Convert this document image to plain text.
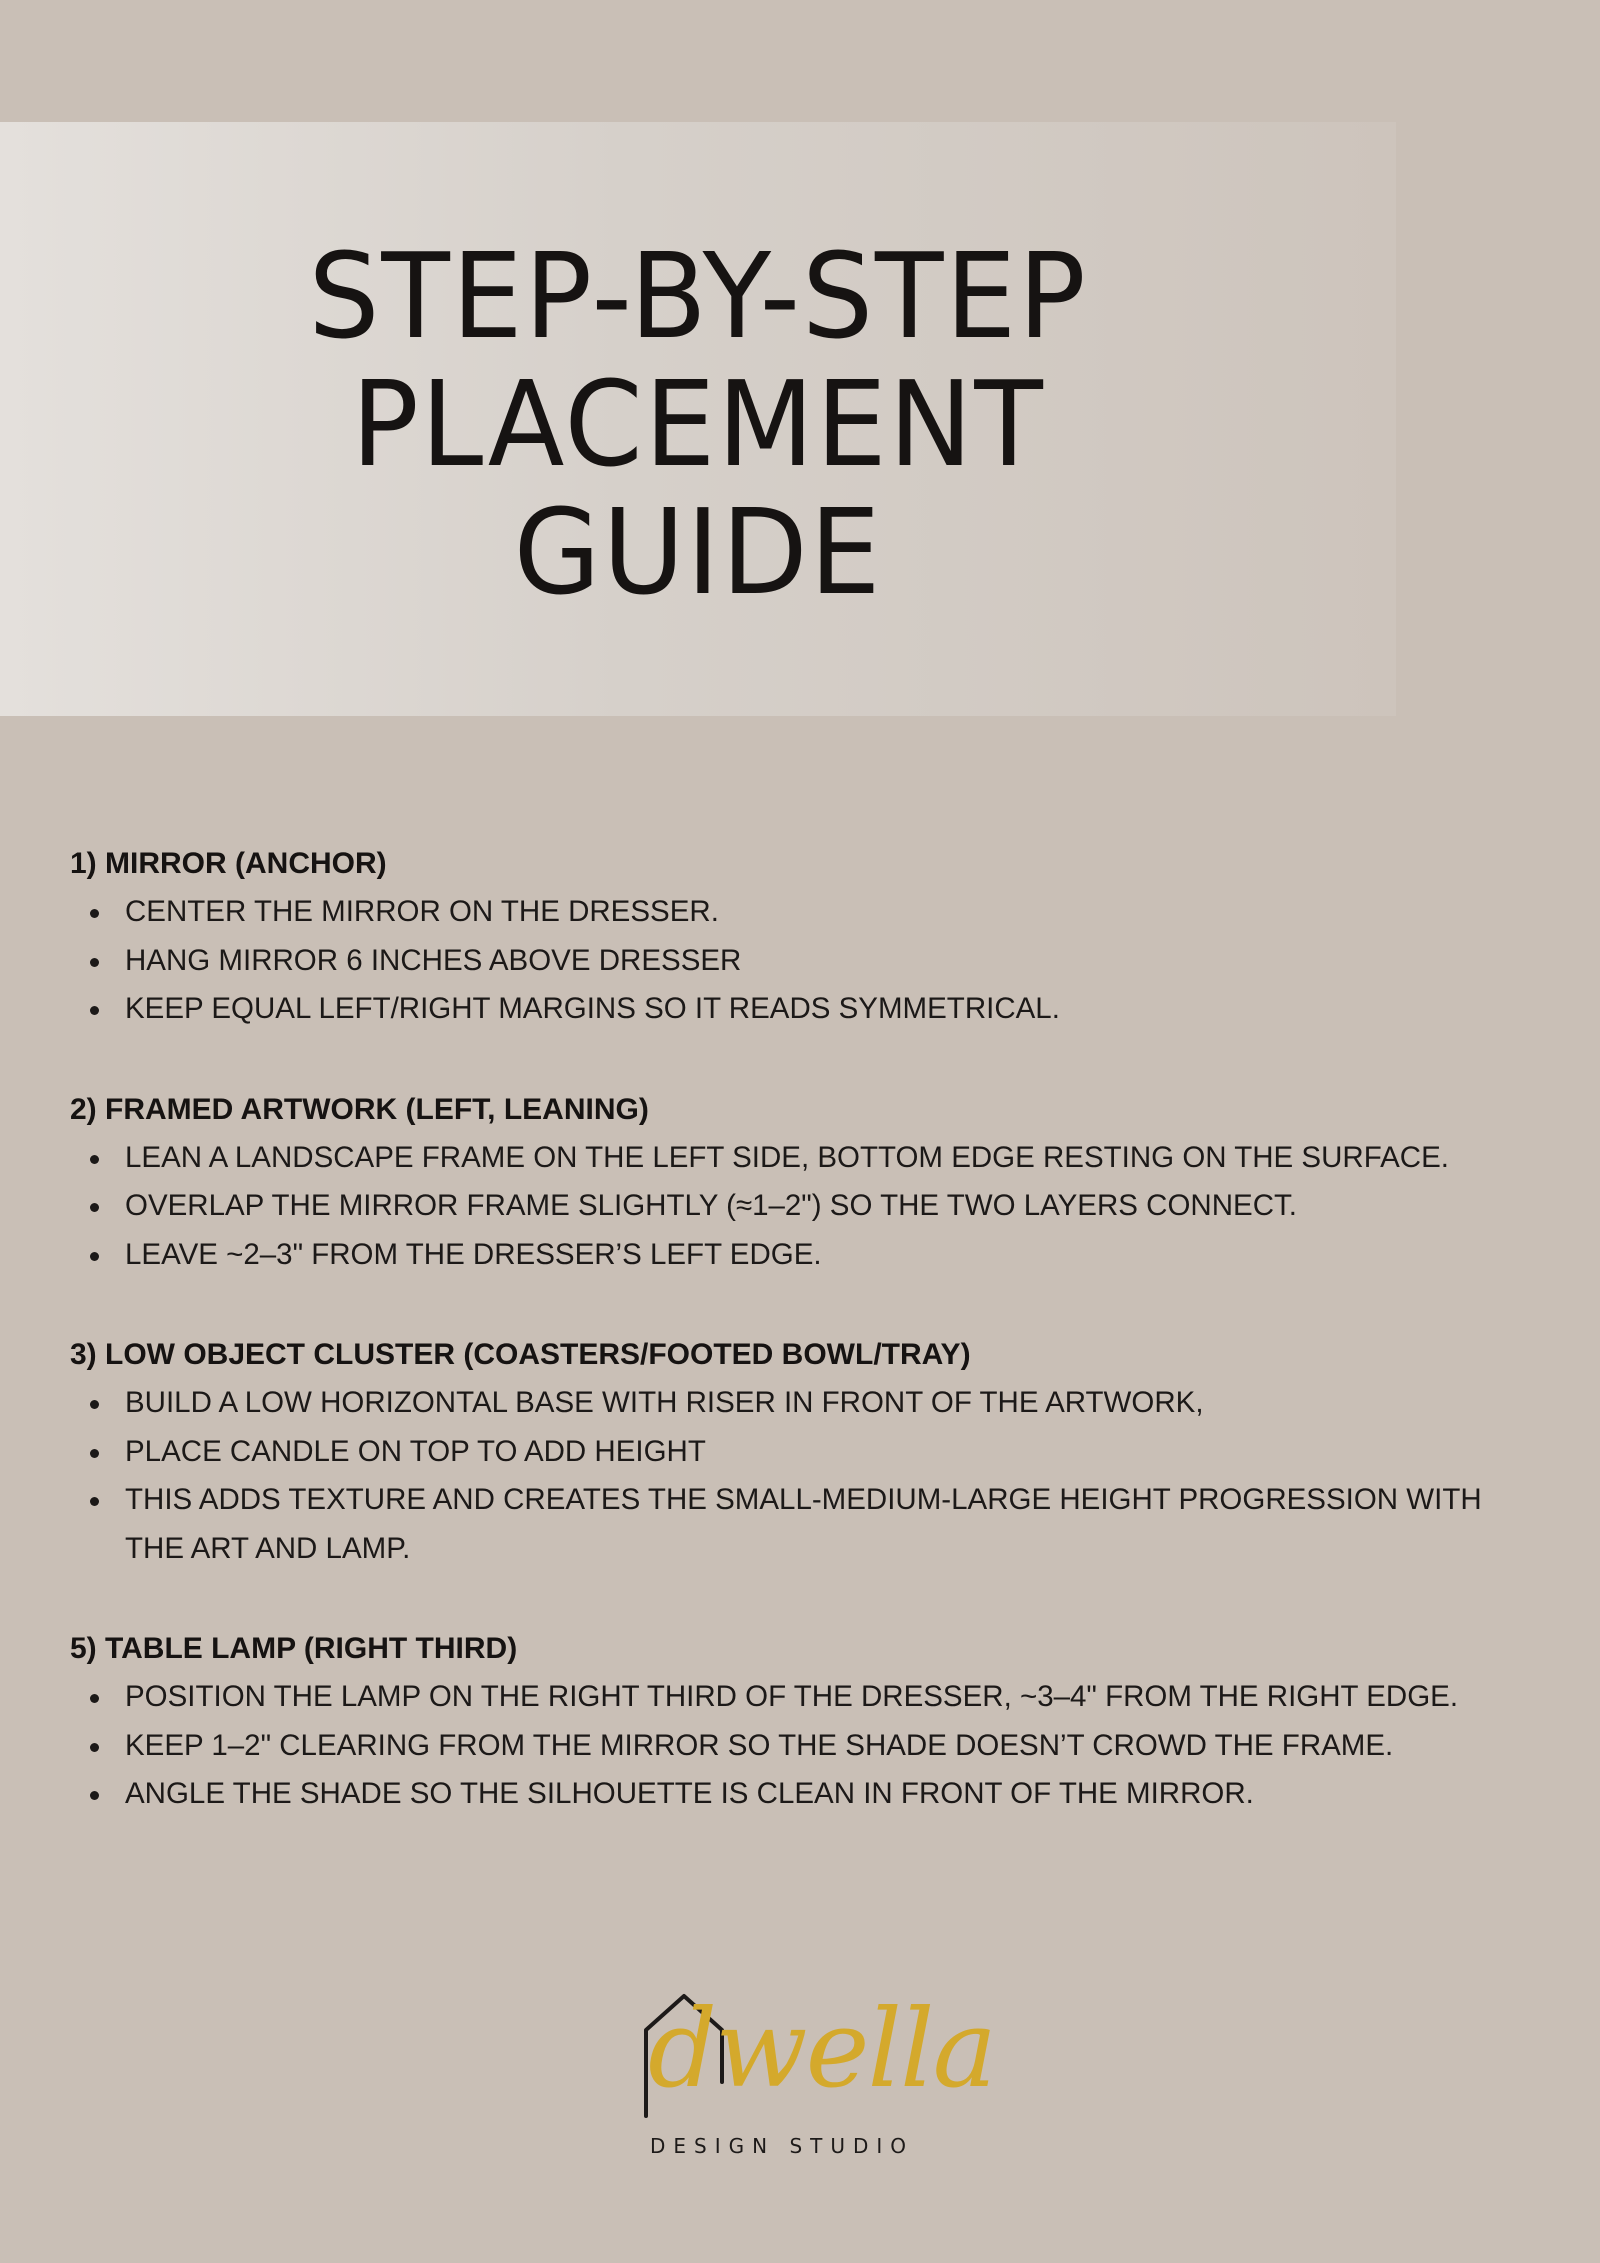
STEP-BY-STEP
PLACEMENT
GUIDE
1) MIRROR (ANCHOR)
CENTER THE MIRROR ON THE DRESSER.
HANG MIRROR 6 INCHES ABOVE DRESSER
KEEP EQUAL LEFT/RIGHT MARGINS SO IT READS SYMMETRICAL.
2) FRAMED ARTWORK (LEFT, LEANING)
LEAN A LANDSCAPE FRAME ON THE LEFT SIDE, BOTTOM EDGE RESTING ON THE SURFACE.
OVERLAP THE MIRROR FRAME SLIGHTLY (≈1–2") SO THE TWO LAYERS CONNECT.
LEAVE ~2–3" FROM THE DRESSER’S LEFT EDGE.
3) LOW OBJECT CLUSTER (COASTERS/FOOTED BOWL/TRAY)
BUILD A LOW HORIZONTAL BASE WITH RISER IN FRONT OF THE ARTWORK,
PLACE CANDLE ON TOP TO ADD HEIGHT
THIS ADDS TEXTURE AND CREATES THE SMALL-MEDIUM-LARGE HEIGHT PROGRESSION WITH THE ART AND LAMP.
5) TABLE LAMP (RIGHT THIRD)
POSITION THE LAMP ON THE RIGHT THIRD OF THE DRESSER, ~3–4" FROM THE RIGHT EDGE.
KEEP 1–2" CLEARING FROM THE MIRROR SO THE SHADE DOESN’T CROWD THE FRAME.
ANGLE THE SHADE SO THE SILHOUETTE IS CLEAN IN FRONT OF THE MIRROR.
dwella
DESIGN STUDIO
